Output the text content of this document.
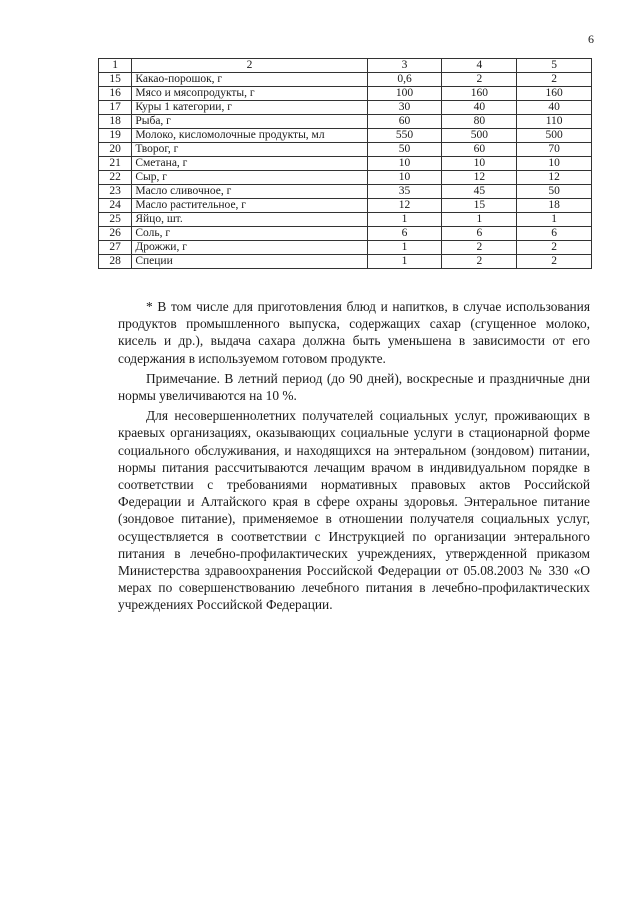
6
1	2	3	4	5
15	Какао-порошок, г	0,6	2	2
16	Мясо и мясопродукты, г	100	160	160
17	Куры 1 категории, г	30	40	40
18	Рыба, г	60	80	110
19	Молоко, кисломолочные продукты, мл	550	500	500
20	Творог, г	50	60	70
21	Сметана, г	10	10	10
22	Сыр, г	10	12	12
23	Масло сливочное, г	35	45	50
24	Масло растительное, г	12	15	18
25	Яйцо, шт.	1	1	1
26	Соль, г	6	6	6
27	Дрожжи, г	1	2	2
28	Специи	1	2	2

* В том числе для приготовления блюд и напитков, в случае использования продуктов промышленного выпуска, содержащих сахар (сгущенное молоко, кисель и др.), выдача сахара должна быть уменьшена в зависимости от его содержания в используемом готовом продукте.

Примечание. В летний период (до 90 дней), воскресные и праздничные дни нормы увеличиваются на 10 %.

Для несовершеннолетних получателей социальных услуг, проживающих в краевых организациях, оказывающих социальные услуги в стационарной форме социального обслуживания, и находящихся на энтеральном (зондовом) питании, нормы питания рассчитываются лечащим врачом в индивидуальном порядке в соответствии с требованиями нормативных правовых актов Российской Федерации и Алтайского края в сфере охраны здоровья. Энтеральное питание (зондовое питание), применяемое в отношении получателя социальных услуг, осуществляется в соответствии с Инструкцией по организации энтерального питания в лечебно-профилактических учреждениях, утвержденной приказом Министерства здравоохранения Российской Федерации от 05.08.2003 № 330 «О мерах по совершенствованию лечебного питания в лечебно-профилактических учреждениях Российской Федерации.
